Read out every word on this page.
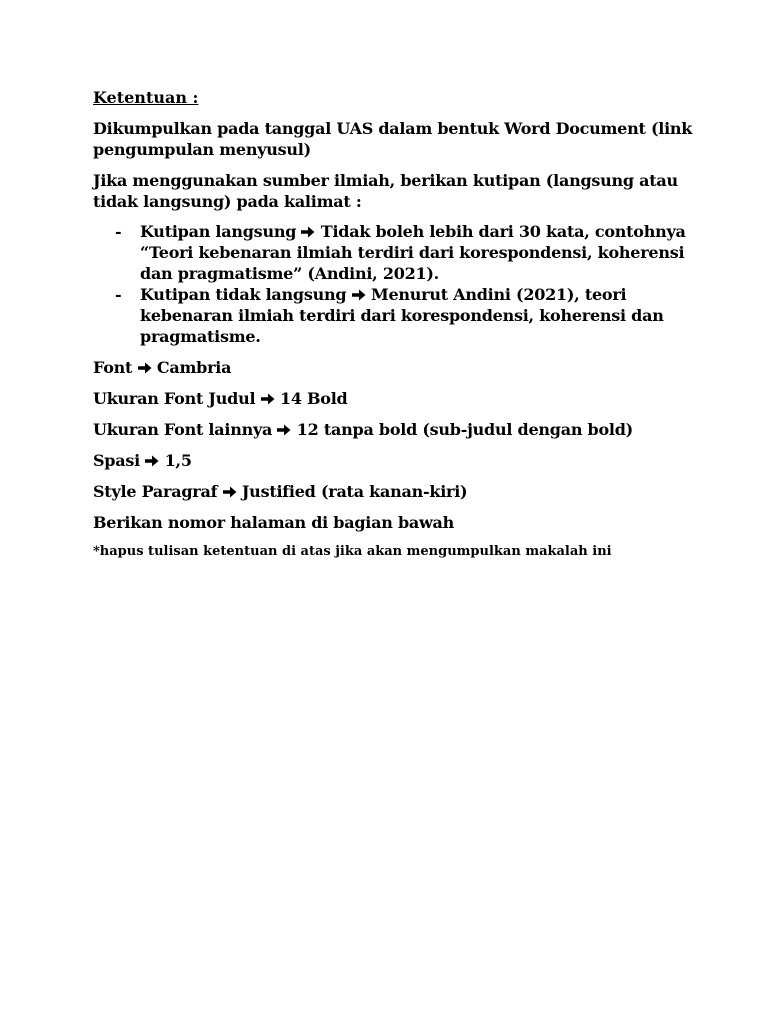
Ketentuan :

Dikumpulkan pada tanggal UAS dalam bentuk Word Document (link pengumpulan menyusul)

Jika menggunakan sumber ilmiah, berikan kutipan (langsung atau tidak langsung) pada kalimat :

- Kutipan langsung Tidak boleh lebih dari 30 kata, contohnya “Teori kebenaran ilmiah terdiri dari korespondensi, koherensi dan pragmatisme” (Andini, 2021).
- Kutipan tidak langsung Menurut Andini (2021), teori kebenaran ilmiah terdiri dari korespondensi, koherensi dan pragmatisme.
Font Cambria
Ukuran Font Judul 14 Bold
Ukuran Font lainnya 12 tanpa bold (sub-judul dengan bold)
Spasi 1,5
Style Paragraf Justified (rata kanan-kiri)
Berikan nomor halaman di bagian bawah
*hapus tulisan ketentuan di atas jika akan mengumpulkan makalah ini
